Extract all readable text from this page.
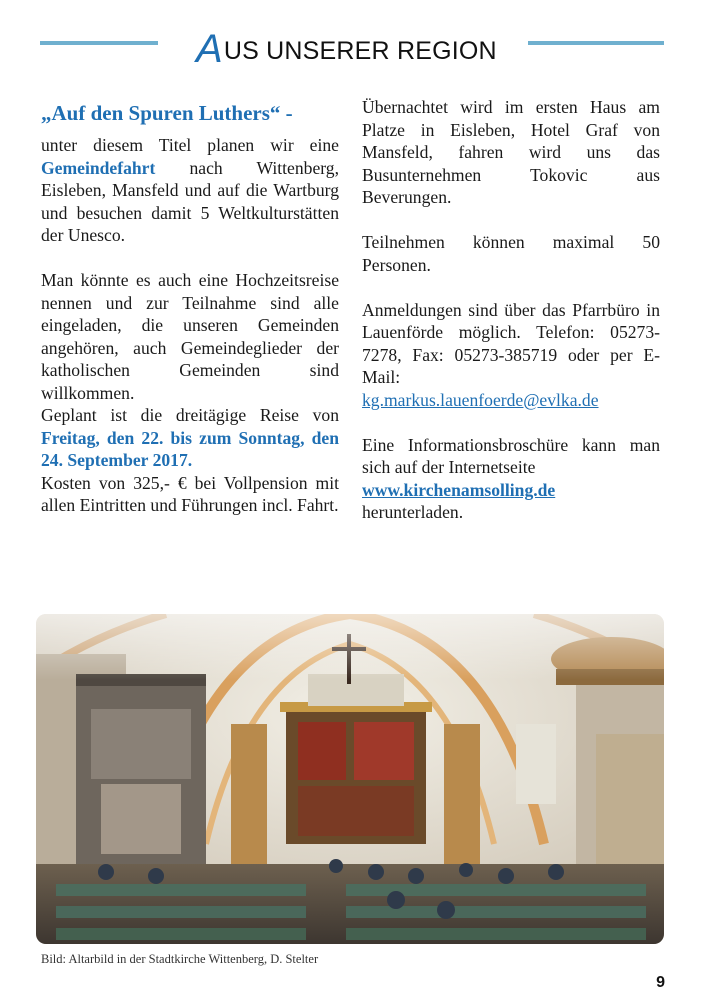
AUS UNSERER REGION
„Auf den Spuren Luthers“ -

unter diesem Titel planen wir eine Gemeindefahrt nach Wittenberg, Eisleben, Mansfeld und auf die Wartburg und besuchen damit 5 Weltkulturstätten der Unesco.

Man könnte es auch eine Hochzeitsreise nennen und zur Teilnahme sind alle eingeladen, die unseren Gemeinden angehören, auch Gemeindeglieder der katholischen Gemeinden sind willkommen.

Geplant ist die dreitägige Reise von Freitag, den 22. bis zum Sonntag, den 24. September 2017.

Kosten von 325,- € bei Vollpension mit allen Eintritten und Führungen incl. Fahrt.

Übernachtet wird im ersten Haus am Platze in Eisleben, Hotel Graf von Mansfeld, fahren wird uns das Busunternehmen Tokovic aus Beverungen.

Teilnehmen können maximal 50 Personen.

Anmeldungen sind über das Pfarrbüro in Lauenförde möglich. Telefon: 05273-7278, Fax: 05273-385719 oder per E-Mail:
kg.markus.lauenfoerde@evlka.de

Eine Informationsbroschüre kann man sich auf der Internetseite
www.kirchenamsolling.de
herunterladen.

Bild: Altarbild in der Stadtkirche Wittenberg, D. Stelter
9
